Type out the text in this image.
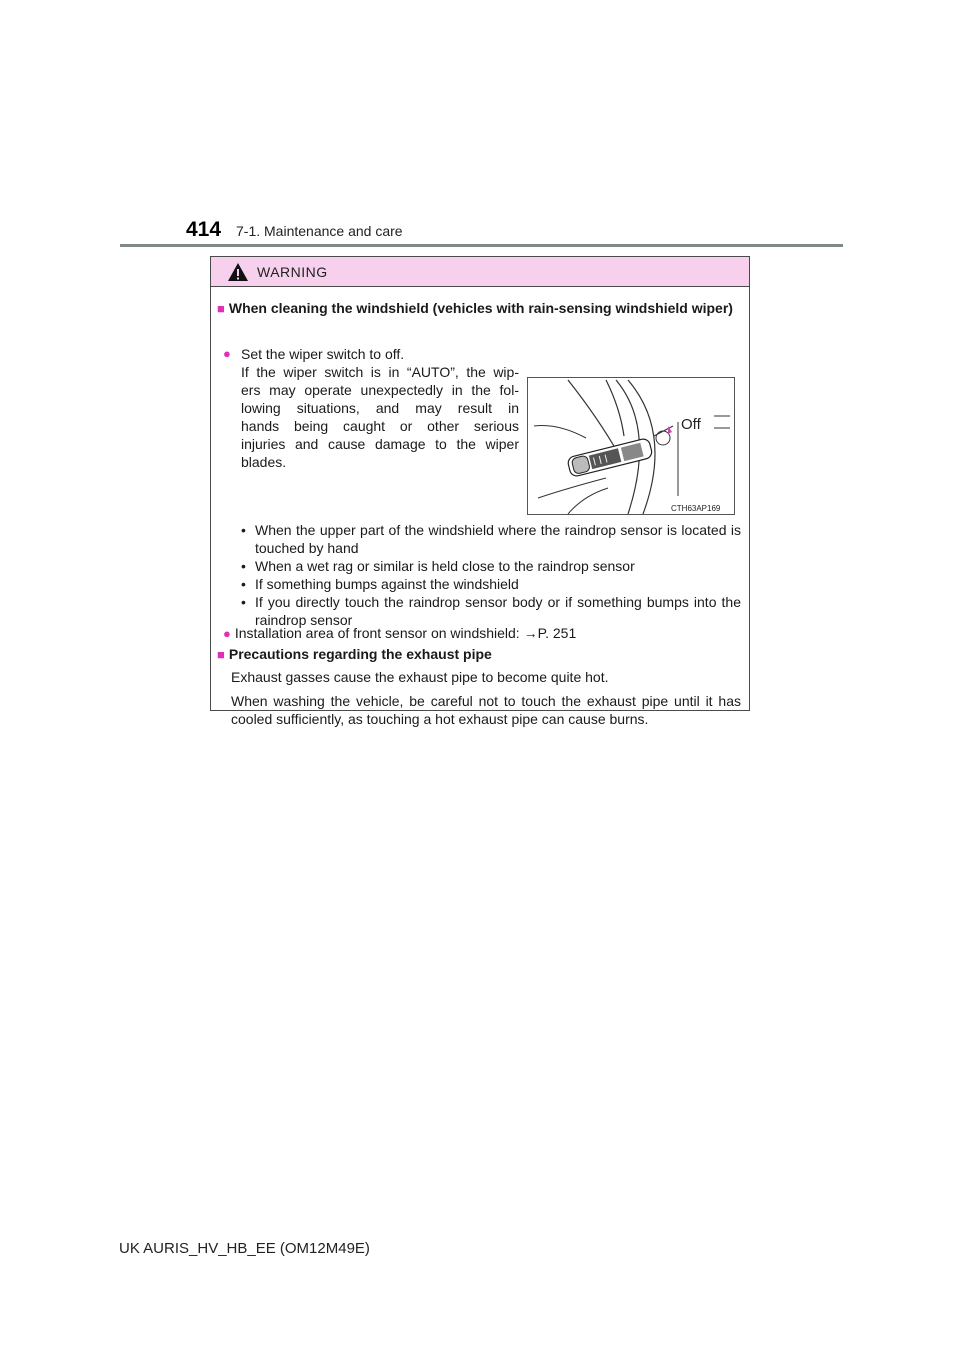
414 7-1. Maintenance and care
WARNING
■ When cleaning the windshield (vehicles with rain-sensing windshield wiper)
● Set the wiper switch to off.
If the wiper switch is in “AUTO”, the wip-
ers may operate unexpectedly in the fol-
lowing situations, and may result in
hands being caught or other serious
injuries and cause damage to the wiper
blades.
Off
CTH63AP169
• When the upper part of the windshield where the raindrop sensor is located is touched by hand
• When a wet rag or similar is held close to the raindrop sensor
• If something bumps against the windshield
• If you directly touch the raindrop sensor body or if something bumps into the raindrop sensor
● Installation area of front sensor on windshield: →P. 251
■ Precautions regarding the exhaust pipe
Exhaust gasses cause the exhaust pipe to become quite hot.
When washing the vehicle, be careful not to touch the exhaust pipe until it has cooled sufficiently, as touching a hot exhaust pipe can cause burns.
UK AURIS_HV_HB_EE (OM12M49E)
